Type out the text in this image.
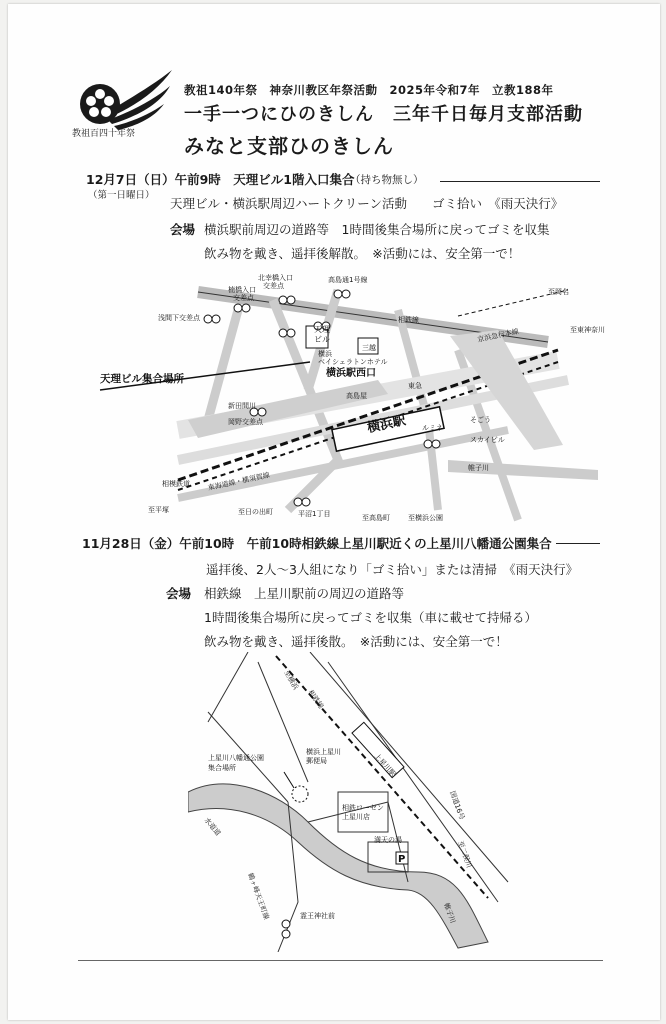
教祖百四十年祭
教祖140年祭　神奈川教区年祭活動　2025年令和7年　立教188年
一手一つにひのきしん　三年千日毎月支部活動
みなと支部ひのきしん
12月7日（日）午前9時　天理ビル1階入口集合
（持ち物無し）
（第一日曜日）
天理ビル・横浜駅周辺ハートクリーン活動　　ゴミ拾い　《雨天決行》
会場 横浜駅前周辺の道路等　1時間後集合場所に戻ってゴミを収集
飲み物を戴き、遥拝後解散。　※活動には、安全第一で！
北幸橋入口
交差点
高島通1号線
至岡名
浅間下交差点
楠橋入口
交差点
相鉄線
至東神奈川
京浜急行本線
天理
ビル
三越
横浜
ベイシェラトンホテル
横浜駅西口
高島屋
東急
横浜駅 ルミネ
そごう
スカイビル
新田間川
岡野交差点
相模鉄道 東海道線・横須賀線
平沼1丁目
至日の出町
至平塚
至高島町	至横浜公園
帷子川
天理ビル集合場所
11月28日（金）午前10時　午前10時相鉄線上星川駅近くの上星川八幡通公園集合
遥拝後、2人〜3人組になり「ゴミ拾い」または清掃　《雨天決行》
会場 相鉄線　上星川駅前の周辺の道路等
1時間後集合場所に戻ってゴミを収集（車に載せて持帰る）
飲み物を戴き、遥拝後散。　※活動には、安全第一で！
至横浜
相鉄線
上星川八幡通公園
集合場所
横浜上星川
郵便局	上星川駅
相鉄ローゼン
上星川店
満天の湯
P
国道16号
至二俣川
帷子川
水道道
鶴ヶ峰天王町線	霊王神社前
